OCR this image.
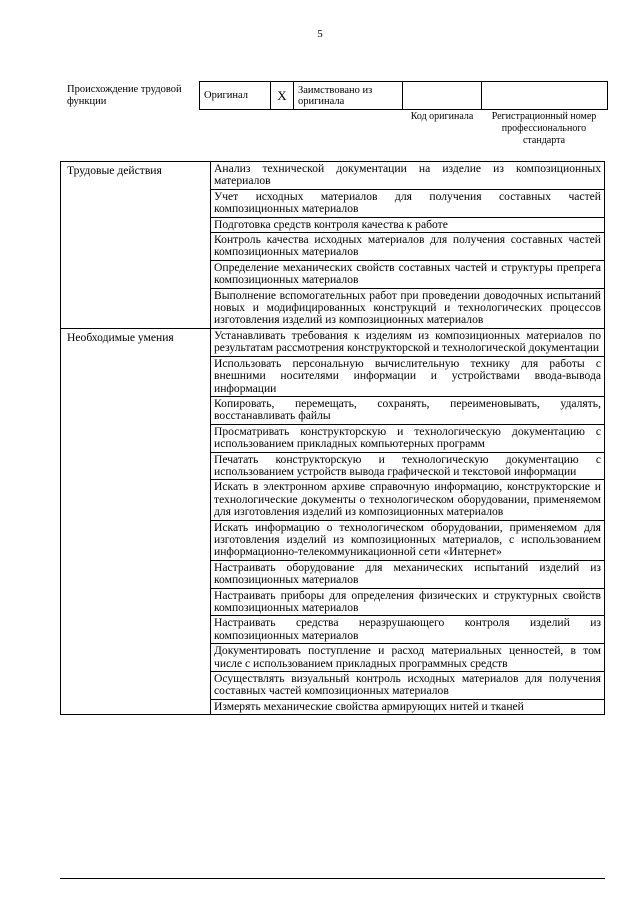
5
Происхождение трудовой функции
Оригинал	X	Заимствовано из оригинала		
Код оригинала	Регистрационный номер профессионального стандарта
Трудовые действия	Анализ технической документации на изделие из композиционных материалов
	Учет исходных материалов для получения составных частей композиционных материалов
	Подготовка средств контроля качества к работе
	Контроль качества исходных материалов для получения составных частей композиционных материалов
	Определение механических свойств составных частей и структуры препрега композиционных материалов
	Выполнение вспомогательных работ при проведении доводочных испытаний новых и модифицированных конструкций и технологических процессов изготовления изделий из композиционных материалов
Необходимые умения	Устанавливать требования к изделиям из композиционных материалов по результатам рассмотрения конструкторской и технологической документации
	Использовать персональную вычислительную технику для работы с внешними носителями информации и устройствами ввода-вывода информации
	Копировать, перемещать, сохранять, переименовывать, удалять, восстанавливать файлы
	Просматривать конструкторскую и технологическую документацию с использованием прикладных компьютерных программ
	Печатать конструкторскую и технологическую документацию с использованием устройств вывода графической и текстовой информации
	Искать в электронном архиве справочную информацию, конструкторские и технологические документы о технологическом оборудовании, применяемом для изготовления изделий из композиционных материалов
	Искать информацию о технологическом оборудовании, применяемом для изготовления изделий из композиционных материалов, с использованием информационно-телекоммуникационной сети «Интернет»
	Настраивать оборудование для механических испытаний изделий из композиционных материалов
	Настраивать приборы для определения физических и структурных свойств композиционных материалов
	Настраивать средства неразрушающего контроля изделий из композиционных материалов
	Документировать поступление и расход материальных ценностей, в том числе с использованием прикладных программных средств
	Осуществлять визуальный контроль исходных материалов для получения составных частей композиционных материалов
	Измерять механические свойства армирующих нитей и тканей
